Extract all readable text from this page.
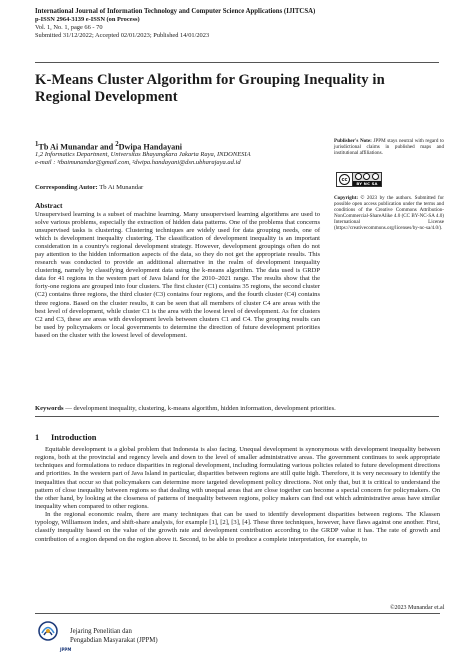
International Journal of Information Technology and Computer Science Applications (IJITCSA)
p-ISSN 2964-3139 e-ISSN (on Process)
Vol. 1, No. 1, page 66 - 70
Submitted 31/12/2022; Accepted 02/01/2023; Published 14/01/2023
K-Means Cluster Algorithm for Grouping Inequality in Regional Development
$^1$Tb Ai Munandar and $^2$Dwipa Handayani
1,2 Informatics Department, Universitas Bhayangkara Jakarta Raya, INDONESIA
e-mail : ¹tbaimunandar@gmail.com, ²dwipa.handayani@dsn.ubharajaya.ad.id
Corresponding Autor: Tb Ai Munandar
Abstract
Unsupervised learning is a subset of machine learning. Many unsupervised learning algorithms are used to solve various problems, especially the extraction of hidden data patterns. One of the problems that concerns unsupervised tasks is clustering. Clustering techniques are widely used for data grouping needs, one of which is development inequality clustering. The classification of development inequality is an important consideration in a country's regional development strategy. However, development groupings often do not pay attention to the hidden information aspects of the data, so they do not get the appropriate results. This research was conducted to provide an additional alternative in the realm of development inequality clustering, namely by classifying development data using the k-means algorithm. The data used is GRDP data for 41 regions in the western part of Java Island for the 2010–2021 range. The results show that the forty-one regions are grouped into four clusters. The first cluster (C1) contains 35 regions, the second cluster (C2) contains three regions, the third cluster (C3) contains four regions, and the fourth cluster (C4) contains three regions. Based on the cluster results, it can be seen that all members of cluster C4 are areas with the best level of development, while cluster C1 is the area with the lowest level of development. As for clusters C2 and C3, these are areas with development levels between clusters C1 and C4. The grouping results can be used by policymakers or local governments to determine the direction of future development priorities based on the cluster with the lowest level of development.
Publisher's Note: JPPM stays neutral with regard to jurisdictional claims in published maps and institutional affiliations.
cc
BY NC SA
Copyright: © 2023 by the authors. Submitted for possible open access publication under the terms and conditions of the Creative Commons Attribution-NonCommercial-ShareAlike 4.0 (CC BY-NC-SA 4.0) International License (https://creativecommons.org/licenses/by-nc-sa/4.0/).
Keywords — development inequality, clustering, k-means algorithm, hidden information, development priorities.
1 Introduction

Equitable development is a global problem that Indonesia is also facing. Unequal development is synonymous with development inequality between regions, both at the provincial and regency levels and down to the level of smaller administrative areas. The government continues to seek appropriate techniques and formulations to reduce disparities in regional development, including formulating various policies related to future development directions and priorities. In the western part of Java Island in particular, disparities between regions are still quite high. Therefore, it is very necessary to identify the inequalities that occur so that policymakers can determine more targeted development policy directions. Not only that, but it is critical to understand the pattern of close inequality between regions so that dealing with unequal areas that are close together can become a special concern for policymakers. On the other hand, by looking at the closeness of patterns of inequality between regions, policy makers can find out which administrative areas have similar inequality when compared to other regions.

In the regional economic realm, there are many techniques that can be used to identify development disparities between regions. The Klassen typology, Williamson index, and shift-share analysis, for example [1], [2], [3], [4]. These three techniques, however, have flaws against one another. First, classify inequality based on the value of the growth rate and development contribution according to the GRDP value it has. The rate of growth and contribution of a region depend on the region above it. Second, to be able to produce a complete interpretation, for example, to

©2023 Munandar et.al
JPPM
Jejaring Penelitian dan
Pengabdian Masyarakat (JPPM)
